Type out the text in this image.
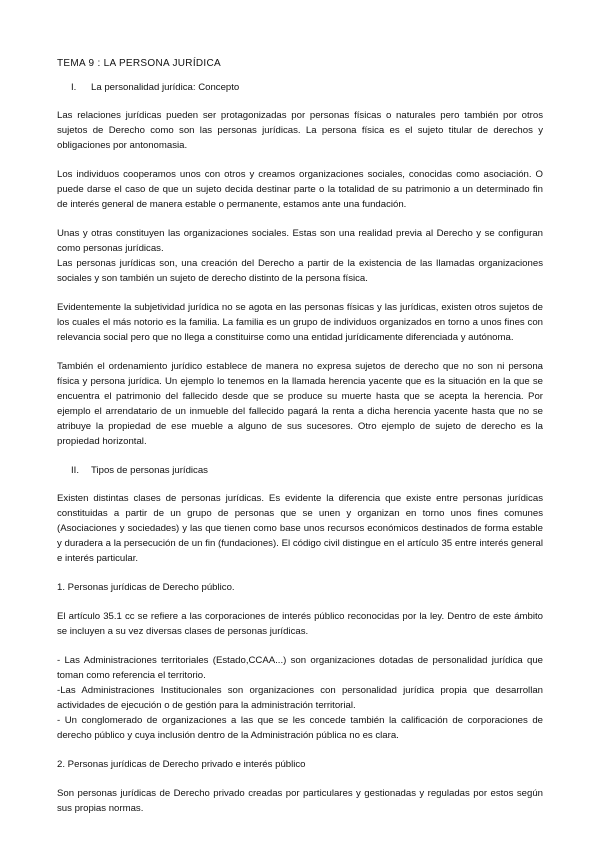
TEMA 9 : LA PERSONA JURÍDICA
I. La personalidad jurídica: Concepto

Las relaciones jurídicas pueden ser protagonizadas por personas físicas o naturales pero también por otros sujetos de Derecho como son las personas jurídicas. La persona física es el sujeto titular de derechos y obligaciones por antonomasia.

Los individuos cooperamos unos con otros y creamos organizaciones sociales, conocidas como asociación. O puede darse el caso de que un sujeto decida destinar parte o la totalidad de su patrimonio a un determinado fin de interés general de manera estable o permanente, estamos ante una fundación.

Unas y otras constituyen las organizaciones sociales. Estas son una realidad previa al Derecho y se configuran como personas jurídicas.

Las personas jurídicas son, una creación del Derecho a partir de la existencia de las llamadas organizaciones sociales y son también un sujeto de derecho distinto de la persona física.

Evidentemente la subjetividad jurídica no se agota en las personas físicas y las jurídicas, existen otros sujetos de los cuales el más notorio es la familia. La familia es un grupo de individuos organizados en torno a unos fines con relevancia social pero que no llega a constituirse como una entidad jurídicamente diferenciada y autónoma.

También el ordenamiento jurídico establece de manera no expresa sujetos de derecho que no son ni persona física y persona jurídica. Un ejemplo lo tenemos en la llamada herencia yacente que es la situación en la que se encuentra el patrimonio del fallecido desde que se produce su muerte hasta que se acepta la herencia. Por ejemplo el arrendatario de un inmueble del fallecido pagará la renta a dicha herencia yacente hasta que no se atribuye la propiedad de ese mueble a alguno de sus sucesores. Otro ejemplo de sujeto de derecho es la propiedad horizontal.

II. Tipos de personas jurídicas

Existen distintas clases de personas jurídicas. Es evidente la diferencia que existe entre personas jurídicas constituidas a partir de un grupo de personas que se unen y organizan en torno unos fines comunes (Asociaciones y sociedades) y las que tienen como base unos recursos económicos destinados de forma estable y duradera a la persecución de un fin (fundaciones). El código civil distingue en el artículo 35 entre interés general e interés particular.

1. Personas jurídicas de Derecho público.

El artículo 35.1 cc se refiere a las corporaciones de interés público reconocidas por la ley. Dentro de este ámbito se incluyen a su vez diversas clases de personas jurídicas.

- Las Administraciones territoriales (Estado,CCAA...) son organizaciones dotadas de personalidad jurídica que toman como referencia el territorio.

-Las Administraciones Institucionales son organizaciones con personalidad jurídica propia que desarrollan actividades de ejecución o de gestión para la administración territorial.

- Un conglomerado de organizaciones a las que se les concede también la calificación de corporaciones de derecho público y cuya inclusión dentro de la Administración pública no es clara.

2. Personas jurídicas de Derecho privado e interés público

Son personas jurídicas de Derecho privado creadas por particulares y gestionadas y reguladas por estos según sus propias normas.
